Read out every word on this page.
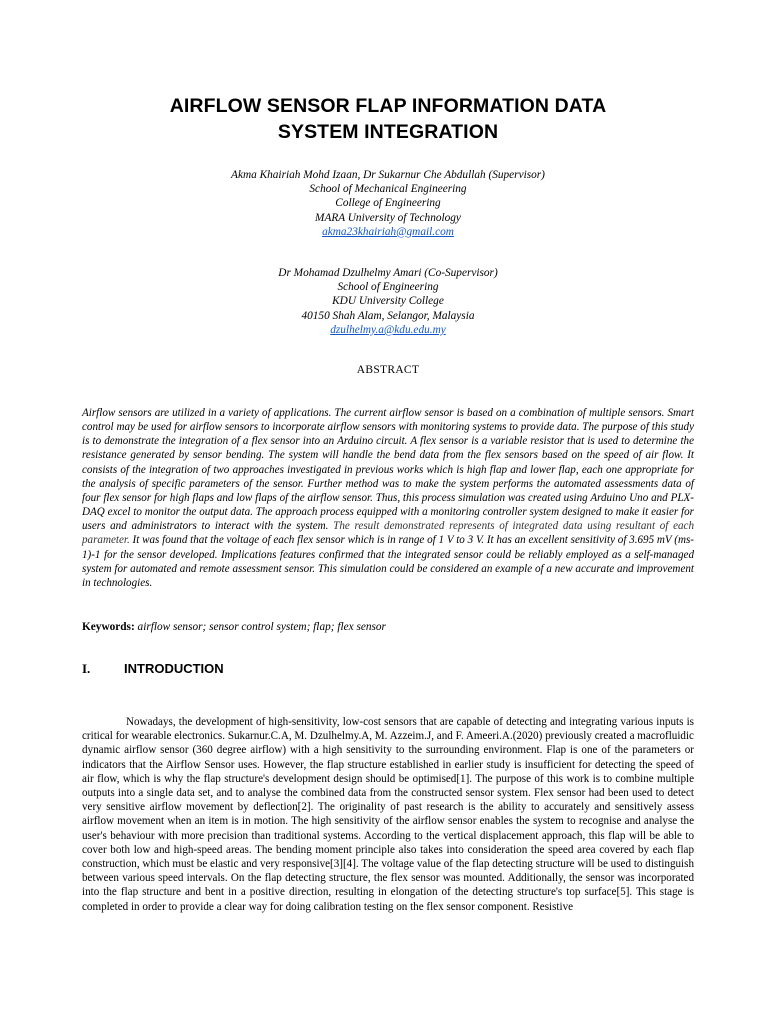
AIRFLOW SENSOR FLAP INFORMATION DATA
SYSTEM INTEGRATION
Akma Khairiah Mohd Izaan, Dr Sukarnur Che Abdullah (Supervisor)
School of Mechanical Engineering
College of Engineering
MARA University of Technology
akma23khairiah@gmail.com
Dr Mohamad Dzulhelmy Amari (Co-Supervisor)
School of Engineering
KDU University College
40150 Shah Alam, Selangor, Malaysia
dzulhelmy.a@kdu.edu.my
ABSTRACT

Airflow sensors are utilized in a variety of applications. The current airflow sensor is based on a combination of multiple sensors. Smart control may be used for airflow sensors to incorporate airflow sensors with monitoring systems to provide data. The purpose of this study is to demonstrate the integration of a flex sensor into an Arduino circuit. A flex sensor is a variable resistor that is used to determine the resistance generated by sensor bending. The system will handle the bend data from the flex sensors based on the speed of air flow. It consists of the integration of two approaches investigated in previous works which is high flap and lower flap, each one appropriate for the analysis of specific parameters of the sensor. Further method was to make the system performs the automated assessments data of four flex sensor for high flaps and low flaps of the airflow sensor. Thus, this process simulation was created using Arduino Uno and PLX-DAQ excel to monitor the output data. The approach process equipped with a monitoring controller system designed to make it easier for users and administrators to interact with the system. The result demonstrated represents of integrated data using resultant of each parameter. It was found that the voltage of each flex sensor which is in range of 1 V to 3 V. It has an excellent sensitivity of 3.695 mV (ms-1)-1 for the sensor developed. Implications features confirmed that the integrated sensor could be reliably employed as a self-managed system for automated and remote assessment sensor. This simulation could be considered an example of a new accurate and improvement in technologies.

Keywords: airflow sensor; sensor control system; flap; flex sensor
I.	INTRODUCTION

Nowadays, the development of high-sensitivity, low-cost sensors that are capable of detecting and integrating various inputs is critical for wearable electronics. Sukarnur.C.A, M. Dzulhelmy.A, M. Azzeim.J, and F. Ameeri.A.(2020) previously created a macrofluidic dynamic airflow sensor (360 degree airflow) with a high sensitivity to the surrounding environment. Flap is one of the parameters or indicators that the Airflow Sensor uses. However, the flap structure established in earlier study is insufficient for detecting the speed of air flow, which is why the flap structure's development design should be optimised[1]. The purpose of this work is to combine multiple outputs into a single data set, and to analyse the combined data from the constructed sensor system. Flex sensor had been used to detect very sensitive airflow movement by deflection[2]. The originality of past research is the ability to accurately and sensitively assess airflow movement when an item is in motion. The high sensitivity of the airflow sensor enables the system to recognise and analyse the user's behaviour with more precision than traditional systems. According to the vertical displacement approach, this flap will be able to cover both low and high-speed areas. The bending moment principle also takes into consideration the speed area covered by each flap construction, which must be elastic and very responsive[3][4]. The voltage value of the flap detecting structure will be used to distinguish between various speed intervals. On the flap detecting structure, the flex sensor was mounted. Additionally, the sensor was incorporated into the flap structure and bent in a positive direction, resulting in elongation of the detecting structure's top surface[5]. This stage is completed in order to provide a clear way for doing calibration testing on the flex sensor component. Resistive
